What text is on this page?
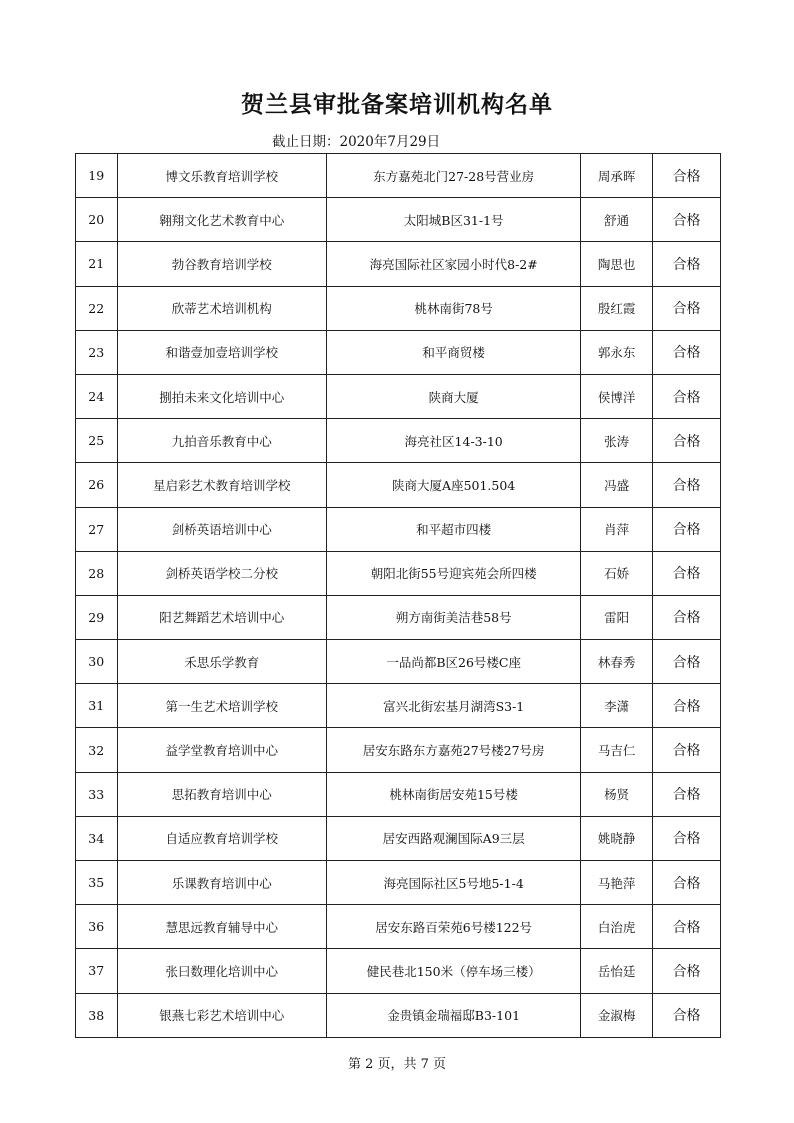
贺兰县审批备案培训机构名单
截止日期：2020年7月29日
19	博文乐教育培训学校	东方嘉苑北门27-28号营业房	周承晖	合格
20	翱翔文化艺术教育中心	太阳城B区31-1号	舒通	合格
21	勃谷教育培训学校	海亮国际社区家园小时代8-2#	陶思也	合格
22	欣蒂艺术培训机构	桃林南街78号	殷红霞	合格
23	和谐壹加壹培训学校	和平商贸楼	郭永东	合格
24	捌拍未来文化培训中心	陕商大厦	侯博洋	合格
25	九拍音乐教育中心	海亮社区14-3-10	张涛	合格
26	星启彩艺术教育培训学校	陕商大厦A座501.504	冯盛	合格
27	剑桥英语培训中心	和平超市四楼	肖萍	合格
28	剑桥英语学校二分校	朝阳北街55号迎宾苑会所四楼	石娇	合格
29	阳艺舞蹈艺术培训中心	朔方南街美洁巷58号	雷阳	合格
30	禾思乐学教育	一品尚都B区26号楼C座	林春秀	合格
31	第一生艺术培训学校	富兴北街宏基月湖湾S3-1	李潇	合格
32	益学堂教育培训中心	居安东路东方嘉苑27号楼27号房	马吉仁	合格
33	思拓教育培训中心	桃林南街居安苑15号楼	杨贤	合格
34	自适应教育培训学校	居安西路观澜国际A9三层	姚晓静	合格
35	乐课教育培训中心	海亮国际社区5号地5-1-4	马艳萍	合格
36	慧思远教育辅导中心	居安东路百荣苑6号楼122号	白治虎	合格
37	张曰数理化培训中心	健民巷北150米（停车场三楼）	岳怡廷	合格
38	银燕七彩艺术培训中心	金贵镇金瑞福邸B3-101	金淑梅	合格
第 2 页，共 7 页
